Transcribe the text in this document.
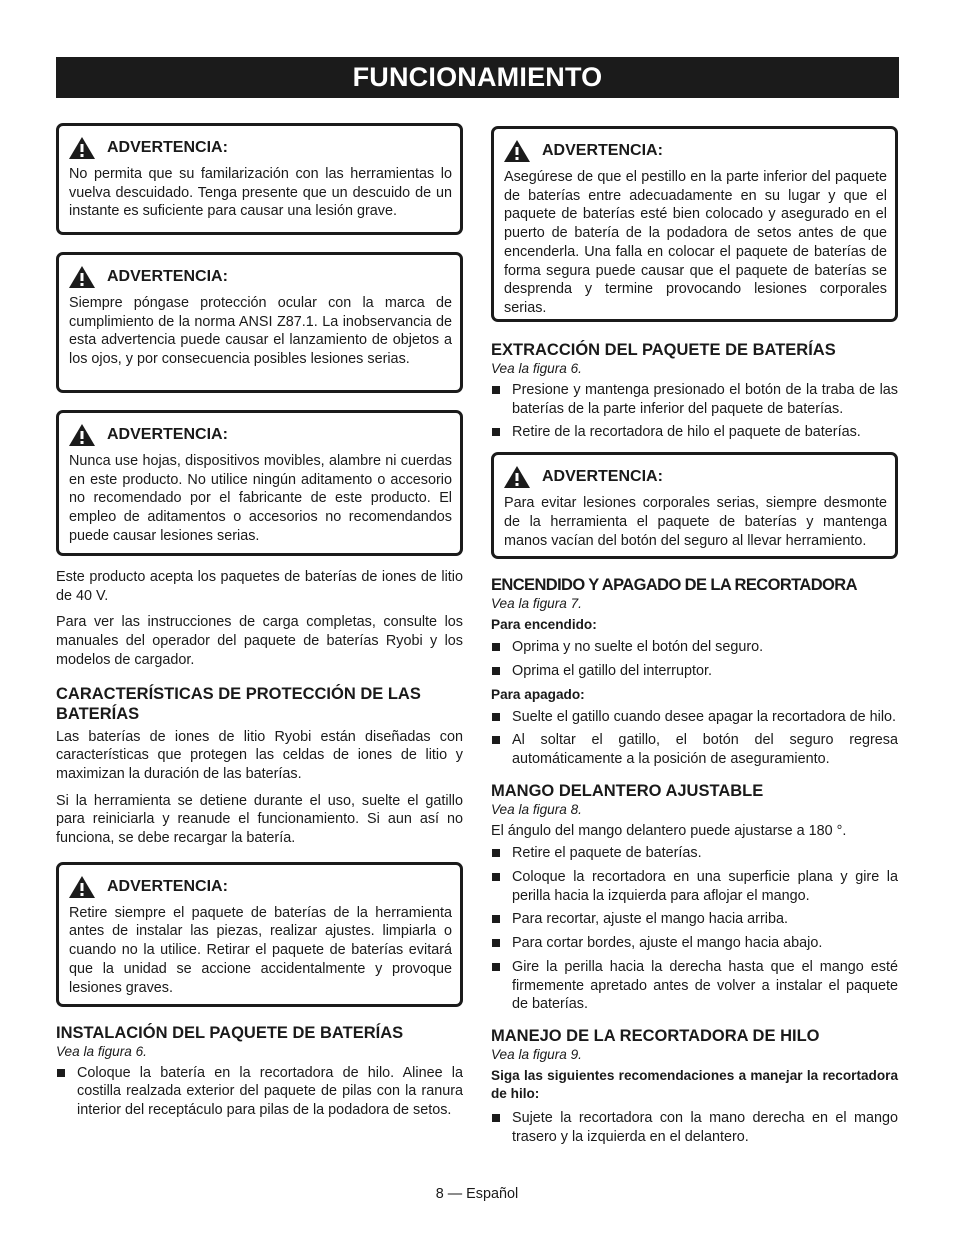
FUNCIONAMIENTO
ADVERTENCIA:

No permita que su familarización con las herramientas lo vuelva descuidado. Tenga presente que un descuido de un instante es suficiente para causar una lesión grave.

ADVERTENCIA:

Siempre póngase protección ocular con la marca de cumplimiento de la norma ANSI Z87.1. La inobservancia de esta advertencia puede causar el lanzamiento de objetos a los ojos, y por consecuencia posibles lesiones serias.

ADVERTENCIA:

Nunca use hojas, dispositivos movibles, alambre ni cuerdas en este producto. No utilice ningún aditamento o accesorio no recomendado por el fabricante de este producto. El empleo de aditamentos o accesorios no recomendandos puede causar lesiones serias.

Este producto acepta los paquetes de baterías de iones de litio de 40 V.

Para ver las instrucciones de carga completas, consulte los manuales del operador del paquete de baterías Ryobi y los modelos de cargador.

CARACTERÍSTICAS DE PROTECCIÓN DE LAS BATERÍAS

Las baterías de iones de litio Ryobi están diseñadas con características que protegen las celdas de iones de litio y maximizan la duración de las baterías.

Si la herramienta se detiene durante el uso, suelte el gatillo para reiniciarla y reanude el funcionamiento. Si aun así no funciona, se debe recargar la batería.

ADVERTENCIA:

Retire siempre el paquete de baterías de la herramienta antes de instalar las piezas, realizar ajustes. limpiarla o cuando no la utilice. Retirar el paquete de baterías evitará que la unidad se accione accidentalmente y provoque lesiones graves.

INSTALACIÓN DEL PAQUETE DE BATERÍAS

Vea la figura 6.

Coloque la batería en la recortadora de hilo. Alinee la costilla realzada exterior del paquete de pilas con la ranura interior del receptáculo para pilas de la podadora de setos.
ADVERTENCIA:

Asegúrese de que el pestillo en la parte inferior del paquete de baterías entre adecuadamente en su lugar y que el paquete de baterías esté bien colocado y asegurado en el puerto de batería de la podadora de setos antes de que encenderla. Una falla en colocar el paquete de baterías de forma segura puede causar que el paquete de baterías se desprenda y termine provocando lesiones corporales serias.

EXTRACCIÓN DEL PAQUETE DE BATERÍAS

Vea la figura 6.

Presione y mantenga presionado el botón de la traba de las baterías de la parte inferior del paquete de baterías.
Retire de la recortadora de hilo el paquete de baterías.
ADVERTENCIA:

Para evitar lesiones corporales serias, siempre desmonte de la herramienta el paquete de baterías y mantenga manos vacían del botón del seguro al llevar herramiento.

ENCENDIDO Y APAGADO DE LA RECORTADORA

Vea la figura 7.

Para encendido:

Oprima y no suelte el botón del seguro.
Oprima el gatillo del interruptor.

Para apagado:

Suelte el gatillo cuando desee apagar la recortadora de hilo.
Al soltar el gatillo, el botón del seguro regresa automáticamente a la posición de aseguramiento.
MANGO DELANTERO AJUSTABLE

Vea la figura 8.

El ángulo del mango delantero puede ajustarse a 180 °.

Retire el paquete de baterías.
Coloque la recortadora en una superficie plana y gire la perilla hacia la izquierda para aflojar el mango.
Para recortar, ajuste el mango hacia arriba.
Para cortar bordes, ajuste el mango hacia abajo.
Gire la perilla hacia la derecha hasta que el mango esté firmemente apretado antes de volver a instalar el paquete de baterías.
MANEJO DE LA RECORTADORA DE HILO

Vea la figura 9.

Siga las siguientes recomendaciones a manejar la recortadora de hilo:

Sujete la recortadora con la mano derecha en el mango trasero y la izquierda en el delantero.
8 — Español
